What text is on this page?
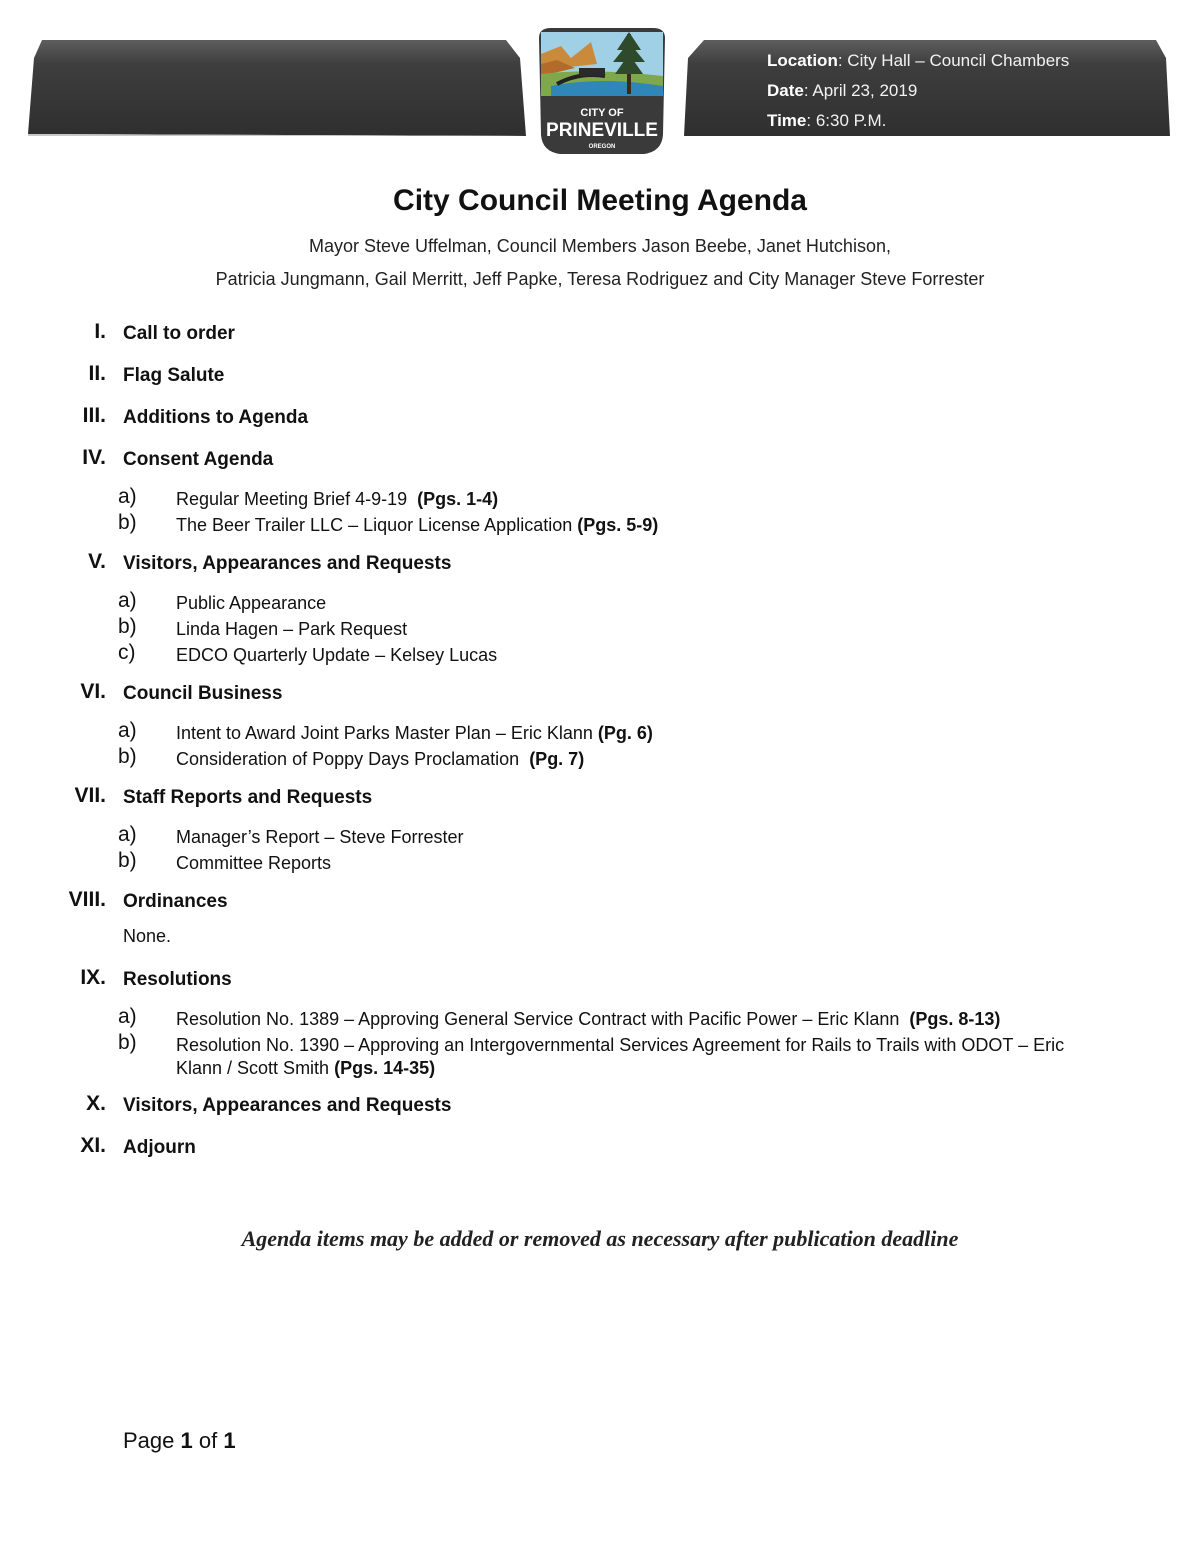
Location: City Hall – Council Chambers
Date: April 23, 2019
Time: 6:30 P.M.
CITY OF
PRINEVILLE
OREGON
City Council Meeting Agenda
Mayor Steve Uffelman, Council Members Jason Beebe, Janet Hutchison,
Patricia Jungmann, Gail Merritt, Jeff Papke, Teresa Rodriguez and City Manager Steve Forrester
I. Call to order
II. Flag Salute
III. Additions to Agenda
IV. Consent Agenda
a) Regular Meeting Brief 4-9-19  (Pgs. 1-4)
b) The Beer Trailer LLC – Liquor License Application (Pgs. 5-9)
V. Visitors, Appearances and Requests
a) Public Appearance
b) Linda Hagen – Park Request
c) EDCO Quarterly Update – Kelsey Lucas
VI. Council Business
a) Intent to Award Joint Parks Master Plan – Eric Klann (Pg. 6)
b) Consideration of Poppy Days Proclamation  (Pg. 7)
VII. Staff Reports and Requests
a) Manager’s Report – Steve Forrester
b) Committee Reports
VIII. Ordinances
None.
IX. Resolutions
a) Resolution No. 1389 – Approving General Service Contract with Pacific Power – Eric Klann  (Pgs. 8-13)
b) Resolution No. 1390 – Approving an Intergovernmental Services Agreement for Rails to Trails with ODOT – Eric Klann / Scott Smith (Pgs. 14-35)
X. Visitors, Appearances and Requests
XI. Adjourn
Agenda items may be added or removed as necessary after publication deadline
Page 1 of 1
